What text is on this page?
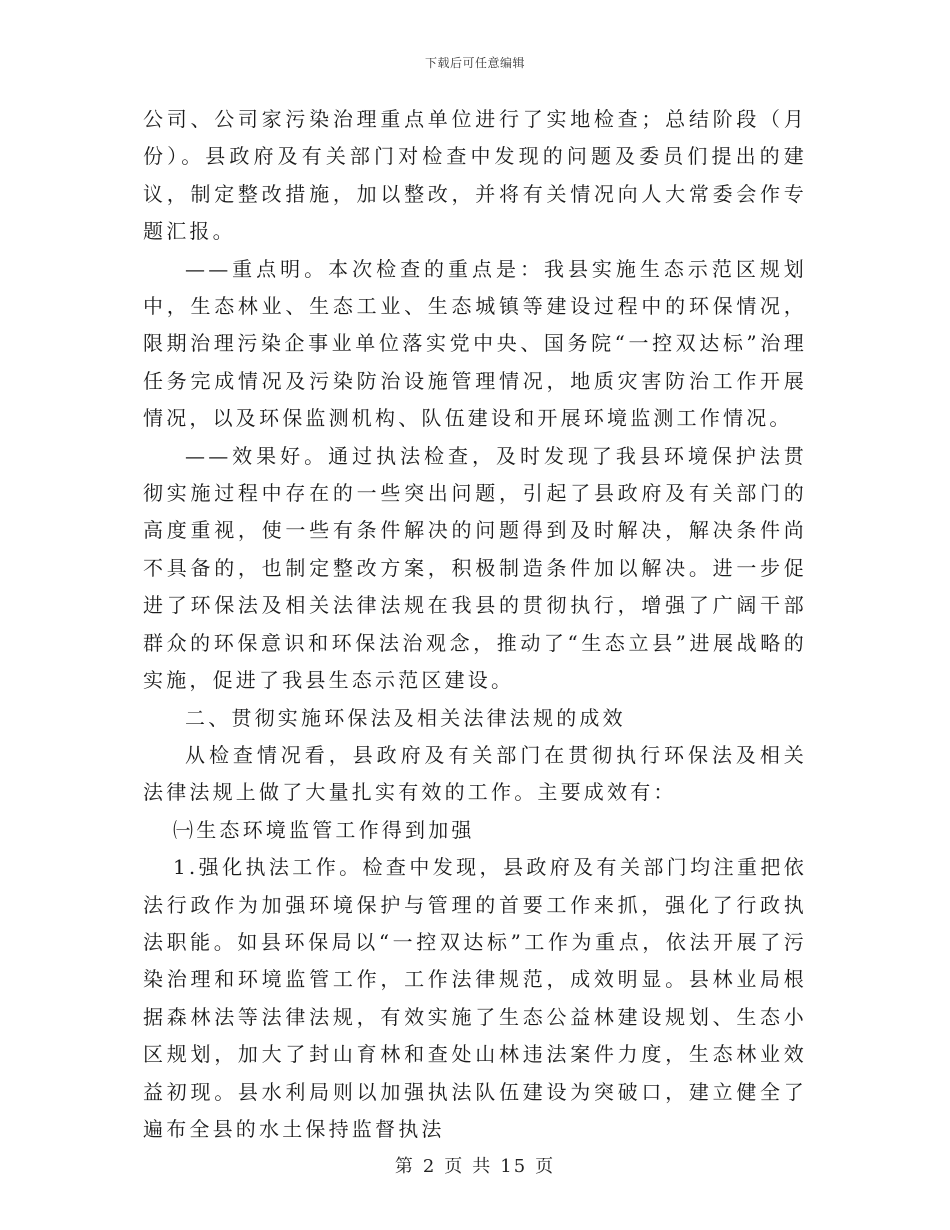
下载后可任意编辑

公司、公司家污染治理重点单位进行了实地检查；总结阶段（月份）。县政府及有关部门对检查中发现的问题及委员们提出的建议，制定整改措施，加以整改，并将有关情况向人大常委会作专题汇报。

——重点明。本次检查的重点是：我县实施生态示范区规划中，生态林业、生态工业、生态城镇等建设过程中的环保情况，限期治理污染企事业单位落实党中央、国务院“一控双达标”治理任务完成情况及污染防治设施管理情况，地质灾害防治工作开展情况，以及环保监测机构、队伍建设和开展环境监测工作情况。

——效果好。通过执法检查，及时发现了我县环境保护法贯彻实施过程中存在的一些突出问题，引起了县政府及有关部门的高度重视，使一些有条件解决的问题得到及时解决，解决条件尚不具备的，也制定整改方案，积极制造条件加以解决。进一步促进了环保法及相关法律法规在我县的贯彻执行，增强了广阔干部群众的环保意识和环保法治观念，推动了“生态立县”进展战略的实施，促进了我县生态示范区建设。

二、贯彻实施环保法及相关法律法规的成效

从检查情况看，县政府及有关部门在贯彻执行环保法及相关法律法规上做了大量扎实有效的工作。主要成效有：

㈠生态环境监管工作得到加强

1.强化执法工作。检查中发现，县政府及有关部门均注重把依法行政作为加强环境保护与管理的首要工作来抓，强化了行政执法职能。如县环保局以“一控双达标”工作为重点，依法开展了污染治理和环境监管工作，工作法律规范，成效明显。县林业局根据森林法等法律法规，有效实施了生态公益林建设规划、生态小区规划，加大了封山育林和查处山林违法案件力度，生态林业效益初现。县水利局则以加强执法队伍建设为突破口，建立健全了遍布全县的水土保持监督执法

第 2 页 共 15 页
